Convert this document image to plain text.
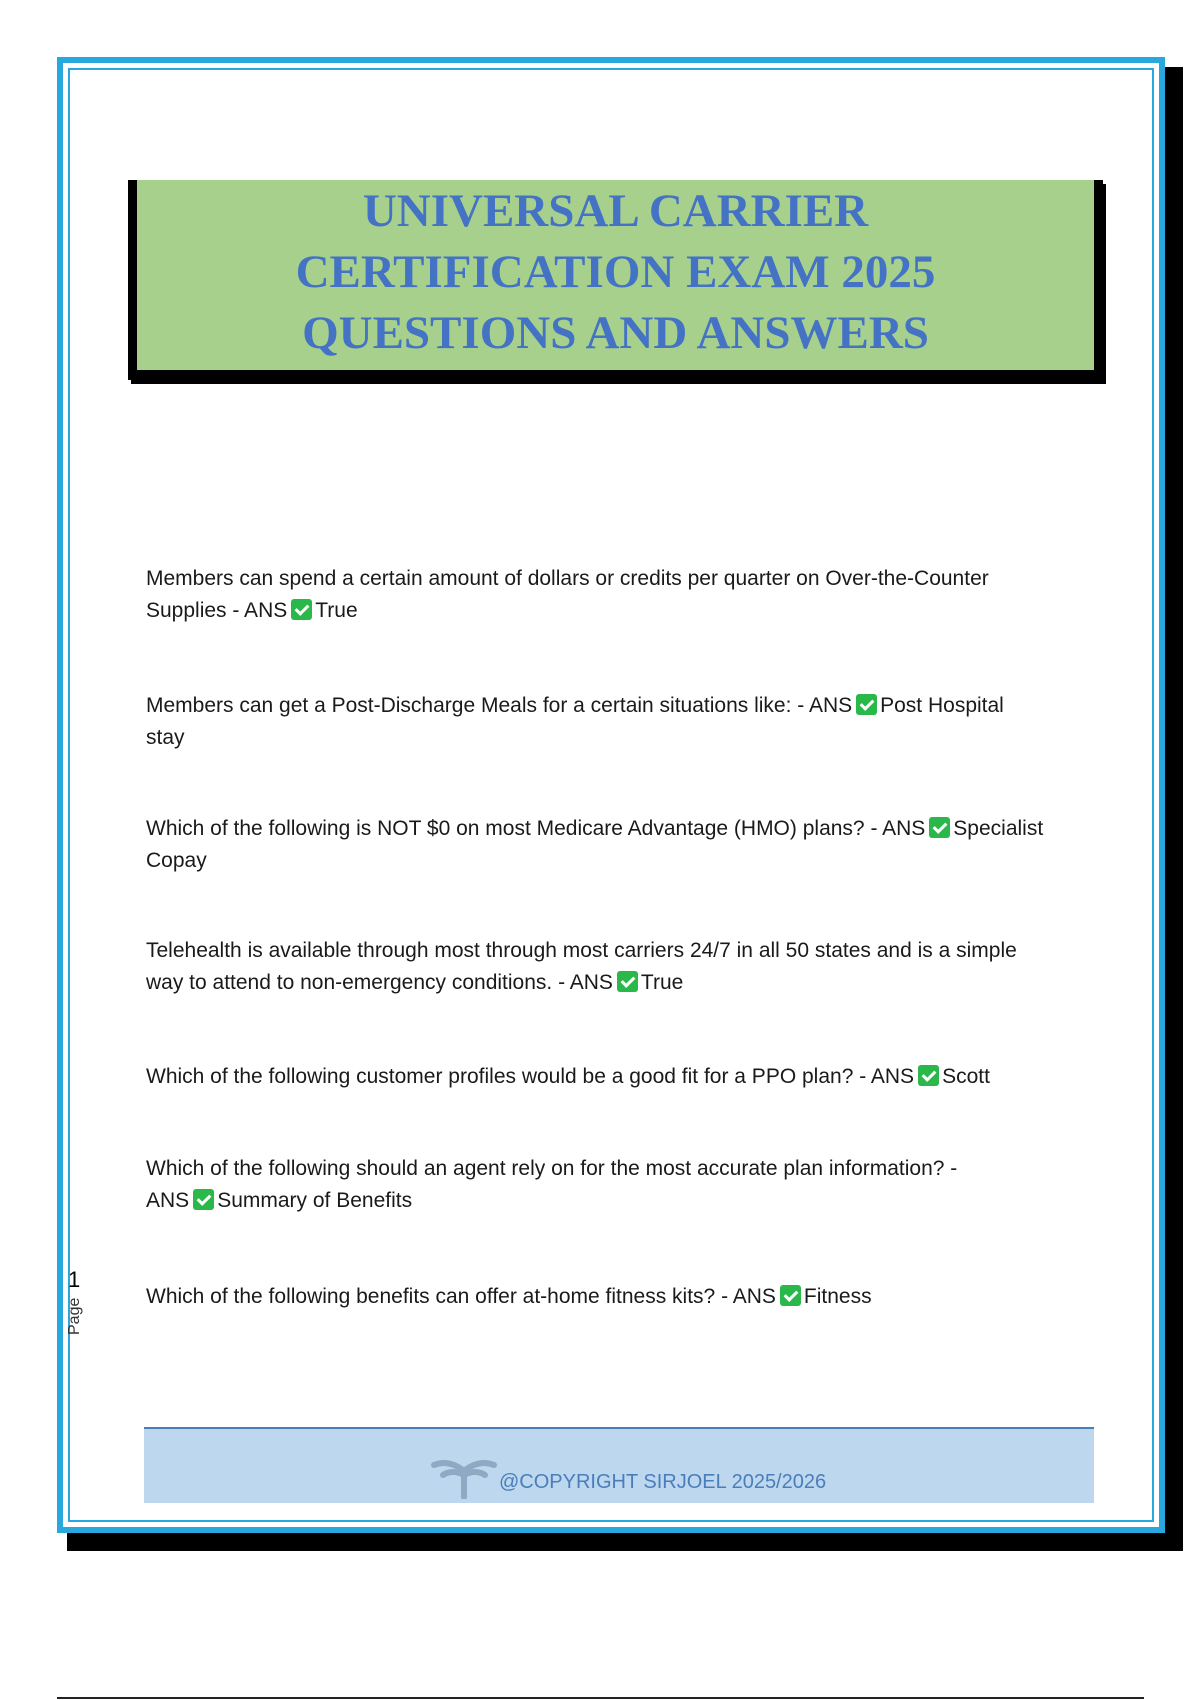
UNIVERSAL CARRIER
CERTIFICATION EXAM 2025
QUESTIONS AND ANSWERS
Members can spend a certain amount of dollars or credits per quarter on Over-the-Counter
Supplies - ANS True
Members can get a Post-Discharge Meals for a certain situations like: - ANS Post Hospital
stay
Which of the following is NOT $0 on most Medicare Advantage (HMO) plans? - ANS Specialist
Copay
Telehealth is available through most through most carriers 24/7 in all 50 states and is a simple
way to attend to non-emergency conditions. - ANS True
Which of the following customer profiles would be a good fit for a PPO plan? - ANS Scott
Which of the following should an agent rely on for the most accurate plan information? -
ANS Summary of Benefits
Which of the following benefits can offer at-home fitness kits? - ANS Fitness
Page
@COPYRIGHT SIRJOEL 2025/2026
1
